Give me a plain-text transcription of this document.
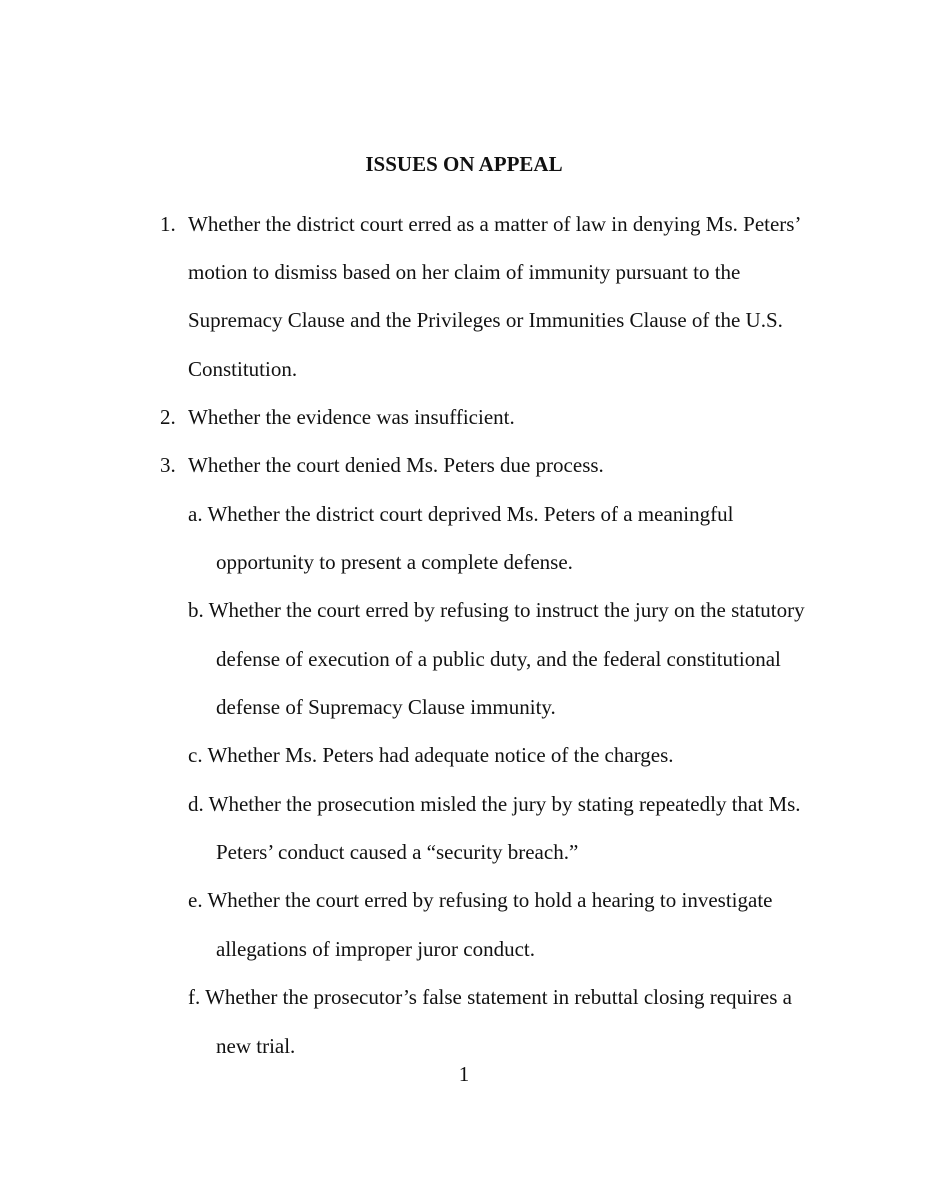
ISSUES ON APPEAL
1. Whether the district court erred as a matter of law in denying Ms. Peters’
motion to dismiss based on her claim of immunity pursuant to the
Supremacy Clause and the Privileges or Immunities Clause of the U.S.
Constitution.
2. Whether the evidence was insufficient.
3. Whether the court denied Ms. Peters due process.
a. Whether the district court deprived Ms. Peters of a meaningful
opportunity to present a complete defense.
b. Whether the court erred by refusing to instruct the jury on the statutory
defense of execution of a public duty, and the federal constitutional
defense of Supremacy Clause immunity.
c. Whether Ms. Peters had adequate notice of the charges.
d. Whether the prosecution misled the jury by stating repeatedly that Ms.
Peters’ conduct caused a “security breach.”
e. Whether the court erred by refusing to hold a hearing to investigate
allegations of improper juror conduct.
f. Whether the prosecutor’s false statement in rebuttal closing requires a
new trial.
1
